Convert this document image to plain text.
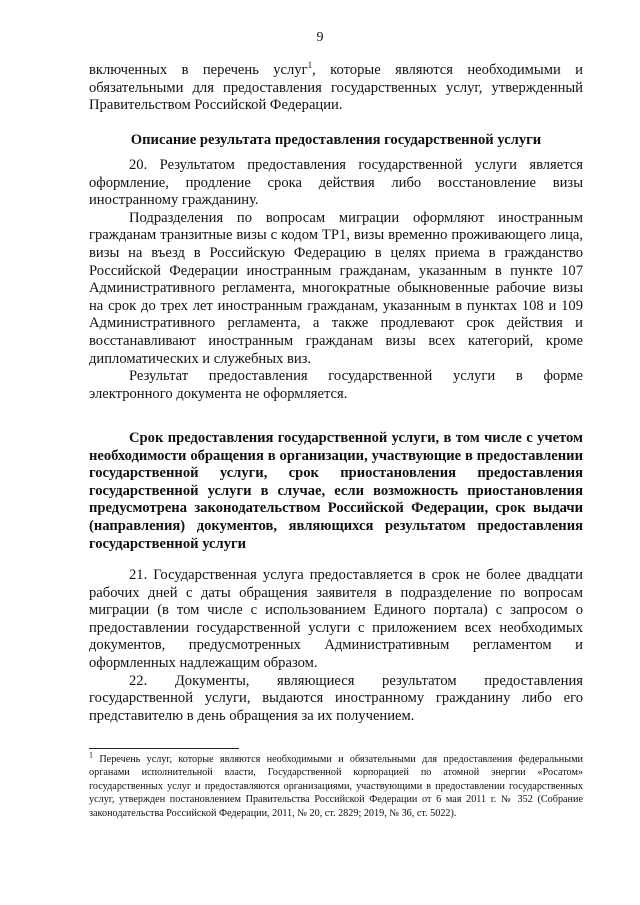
9

включенных в перечень услуг$^1$, которые являются необходимыми и обязательными для предоставления государственных услуг, утвержденный Правительством Российской Федерации.

Описание результата предоставления государственной услуги

20. Результатом предоставления государственной услуги является оформление, продление срока действия либо восстановление визы иностранному гражданину.

Подразделения по вопросам миграции оформляют иностранным гражданам транзитные визы с кодом ТР1, визы временно проживающего лица, визы на въезд в Российскую Федерацию в целях приема в гражданство Российской Федерации иностранным гражданам, указанным в пункте 107 Административного регламента, многократные обыкновенные рабочие визы на срок до трех лет иностранным гражданам, указанным в пунктах 108 и 109 Административного регламента, а также продлевают срок действия и восстанавливают иностранным гражданам визы всех категорий, кроме дипломатических и служебных виз.

Результат предоставления государственной услуги в форме электронного документа не оформляется.

Срок предоставления государственной услуги, в том числе с учетом необходимости обращения в организации, участвующие в предоставлении государственной услуги, срок приостановления предоставления государственной услуги в случае, если возможность приостановления предусмотрена законодательством Российской Федерации, срок выдачи (направления) документов, являющихся результатом предоставления государственной услуги

21. Государственная услуга предоставляется в срок не более двадцати рабочих дней с даты обращения заявителя в подразделение по вопросам миграции (в том числе с использованием Единого портала) с запросом о предоставлении государственной услуги с приложением всех необходимых документов, предусмотренных Административным регламентом и оформленных надлежащим образом.

22. Документы, являющиеся результатом предоставления государственной услуги, выдаются иностранному гражданину либо его представителю в день обращения за их получением.

$^1$ Перечень услуг, которые являются необходимыми и обязательными для предоставления федеральными органами исполнительной власти, Государственной корпорацией по атомной энергии «Росатом» государственных услуг и предоставляются организациями, участвующими в предоставлении государственных услуг, утвержден постановлением Правительства Российской Федерации от 6 мая 2011 г. № 352 (Собрание законодательства Российской Федерации, 2011, № 20, ст. 2829; 2019, № 36, ст. 5022).
